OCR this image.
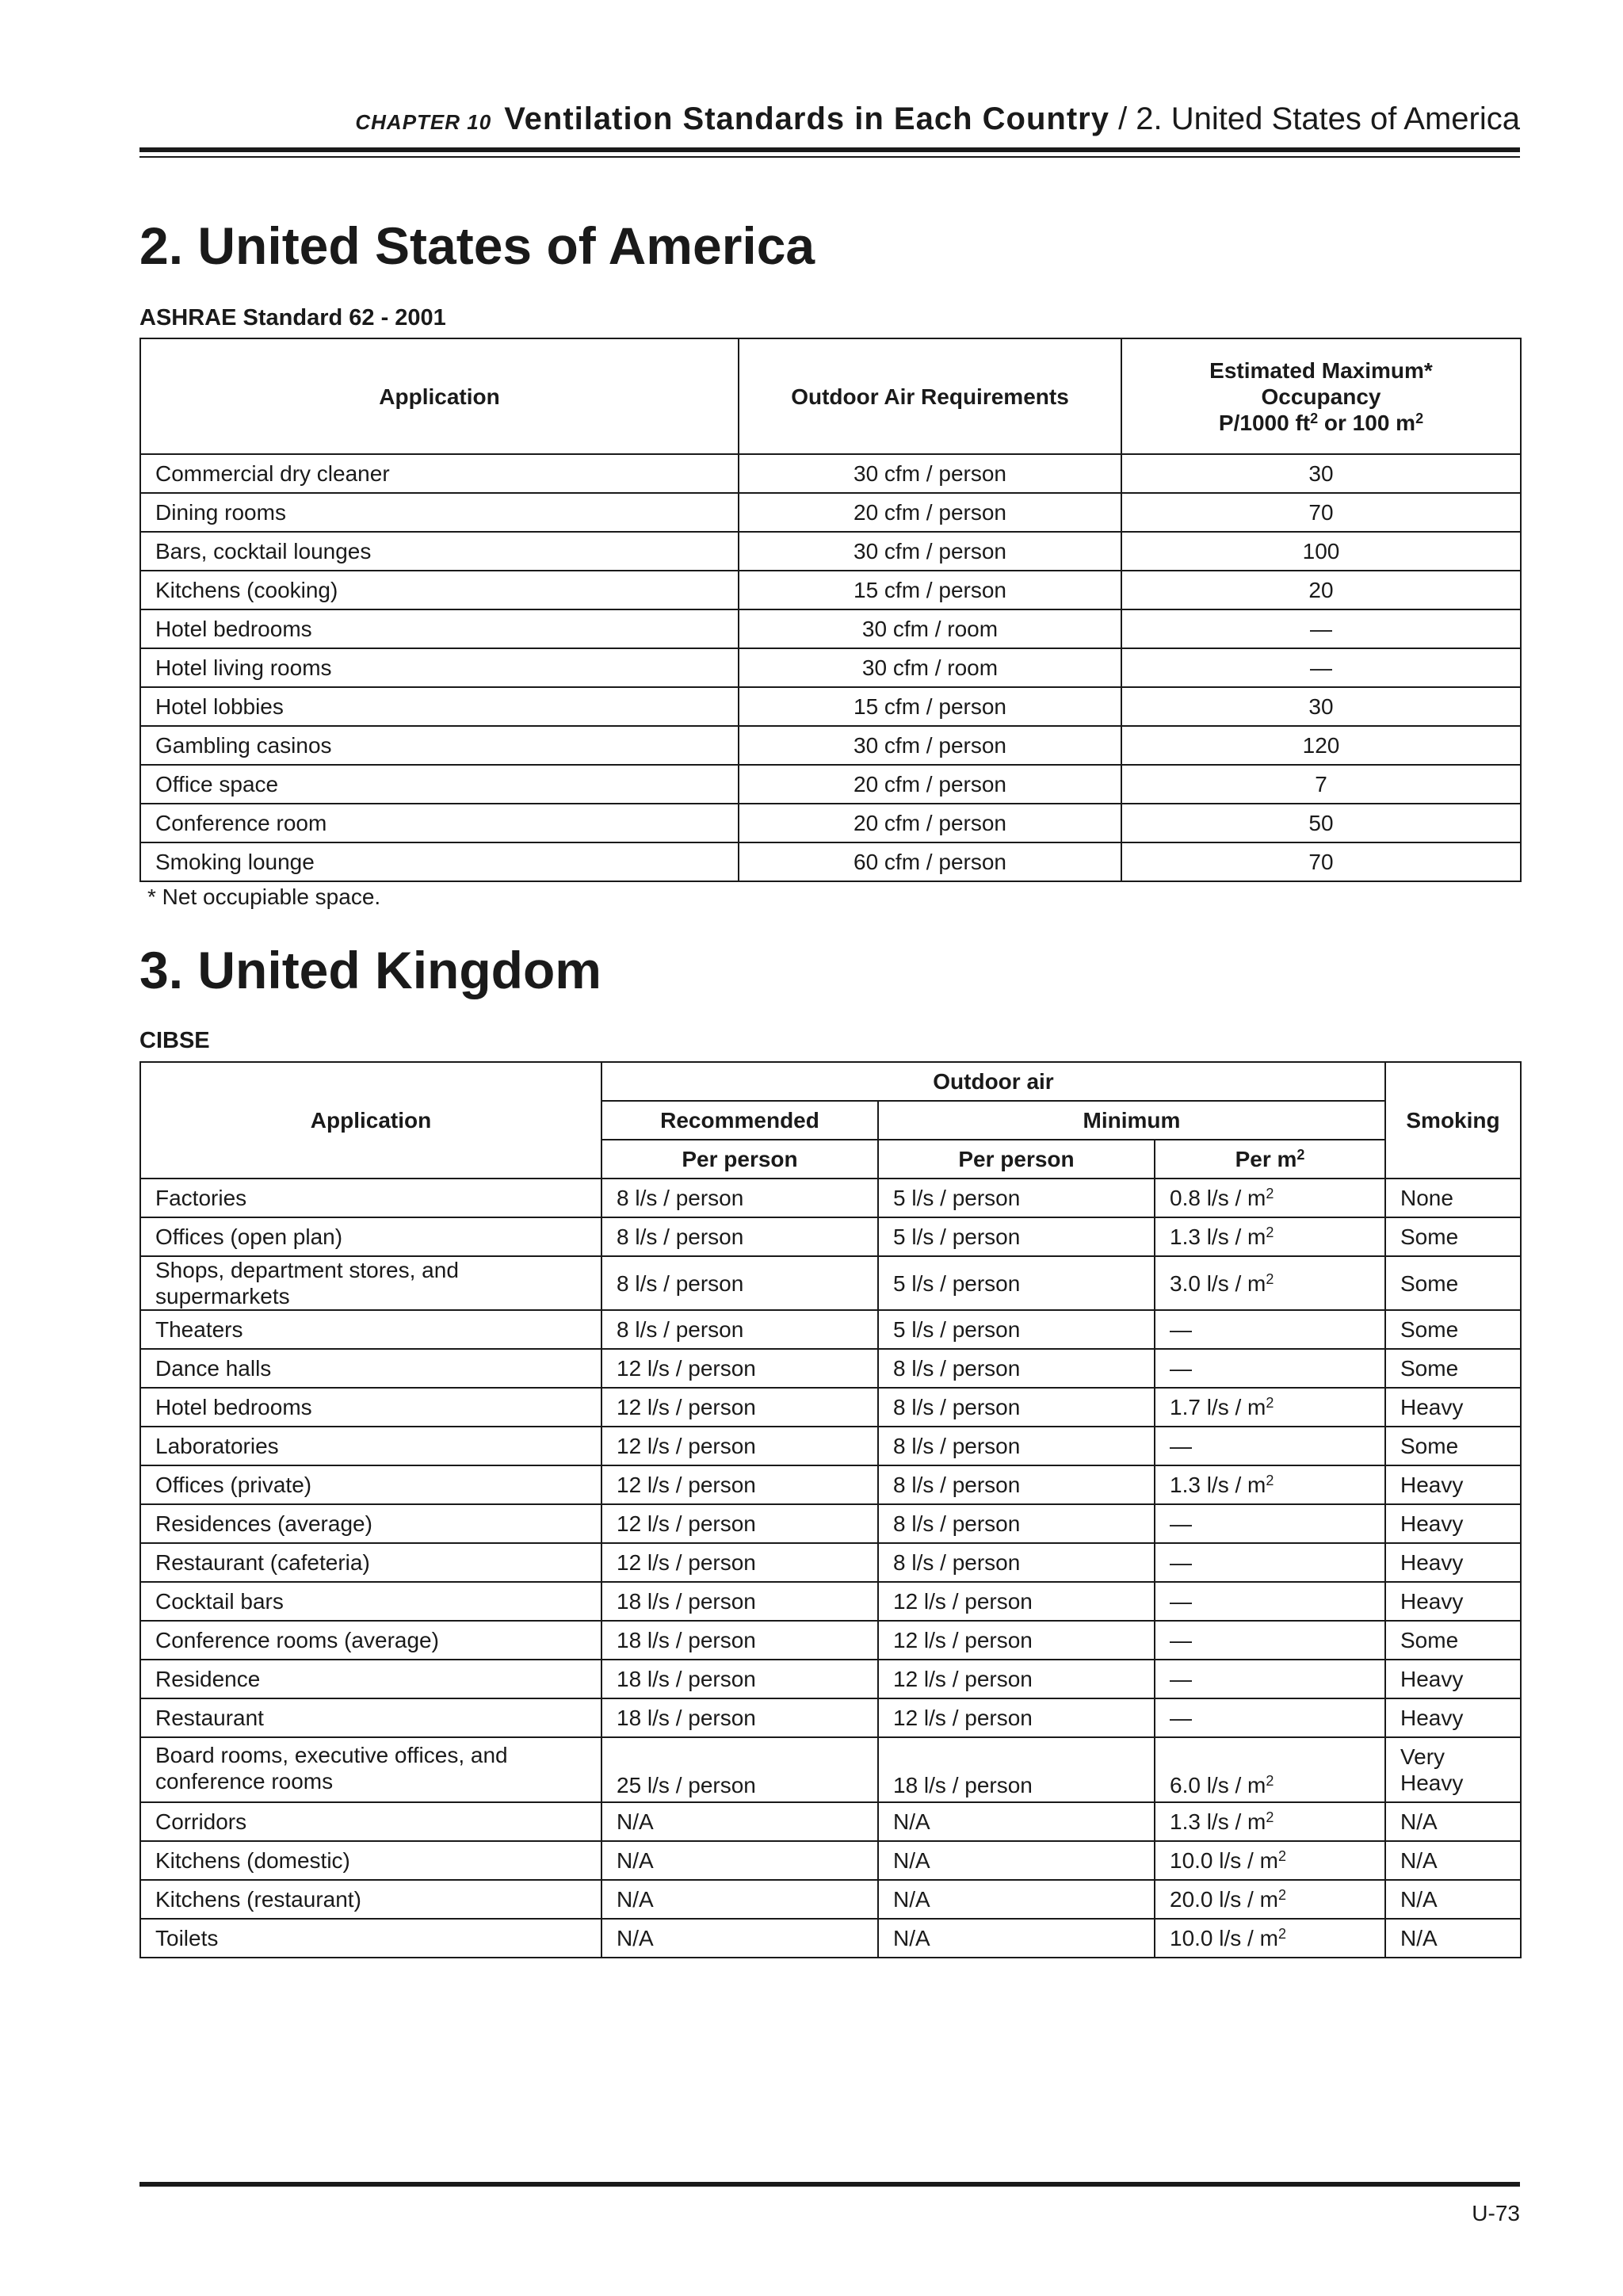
CHAPTER 10 Ventilation Standards in Each Country / 2. United States of America
2. United States of America
ASHRAE Standard 62 - 2001
Application	Outdoor Air Requirements	Estimated Maximum*
Occupancy
P/1000 $ft^2$ or 100 $m^2$

Commercial dry cleaner	30 cfm / person	30
Dining rooms	20 cfm / person	70
Bars, cocktail lounges	30 cfm / person	100
Kitchens (cooking)	15 cfm / person	20
Hotel bedrooms	30 cfm / room	—
Hotel living rooms	30 cfm / room	—
Hotel lobbies	15 cfm / person	30
Gambling casinos	30 cfm / person	120
Office space	20 cfm / person	7
Conference room	20 cfm / person	50
Smoking lounge	60 cfm / person	70
* Net occupiable space.
3. United Kingdom
CIBSE
Application	Outdoor air			Smoking
	Recommended	Minimum		
	Per person	Per person	Per $m^2$
Factories	8 l/s / person	5 l/s / person	0.8 $l/s / m^2$	None
Offices (open plan)	8 l/s / person	5 l/s / person	1.3 $l/s / m^2$	Some
Shops, department stores, and supermarkets	8 l/s / person	5 l/s / person	3.0 $l/s / m^2$	Some
Theaters	8 l/s / person	5 l/s / person	—	Some
Dance halls	12 l/s / person	8 l/s / person	—	Some
Hotel bedrooms	12 l/s / person	8 l/s / person	1.7 $l/s / m^2$	Heavy
Laboratories	12 l/s / person	8 l/s / person	—	Some
Offices (private)	12 l/s / person	8 l/s / person	1.3 $l/s / m^2$	Heavy
Residences (average)	12 l/s / person	8 l/s / person	—	Heavy
Restaurant (cafeteria)	12 l/s / person	8 l/s / person	—	Heavy
Cocktail bars	18 l/s / person	12 l/s / person	—	Heavy
Conference rooms (average)	18 l/s / person	12 l/s / person	—	Some
Residence	18 l/s / person	12 l/s / person	—	Heavy
Restaurant	18 l/s / person	12 l/s / person	—	Heavy
Board rooms, executive offices, and conference rooms	25 l/s / person	18 l/s / person	6.0 $l/s / m^2$	Very Heavy
Corridors	N/A	N/A	1.3 $l/s / m^2$	N/A
Kitchens (domestic)	N/A	N/A	10.0 $l/s / m^2$	N/A
Kitchens (restaurant)	N/A	N/A	20.0 $l/s / m^2$	N/A
Toilets	N/A	N/A	10.0 $l/s / m^2$	N/A
U-73
